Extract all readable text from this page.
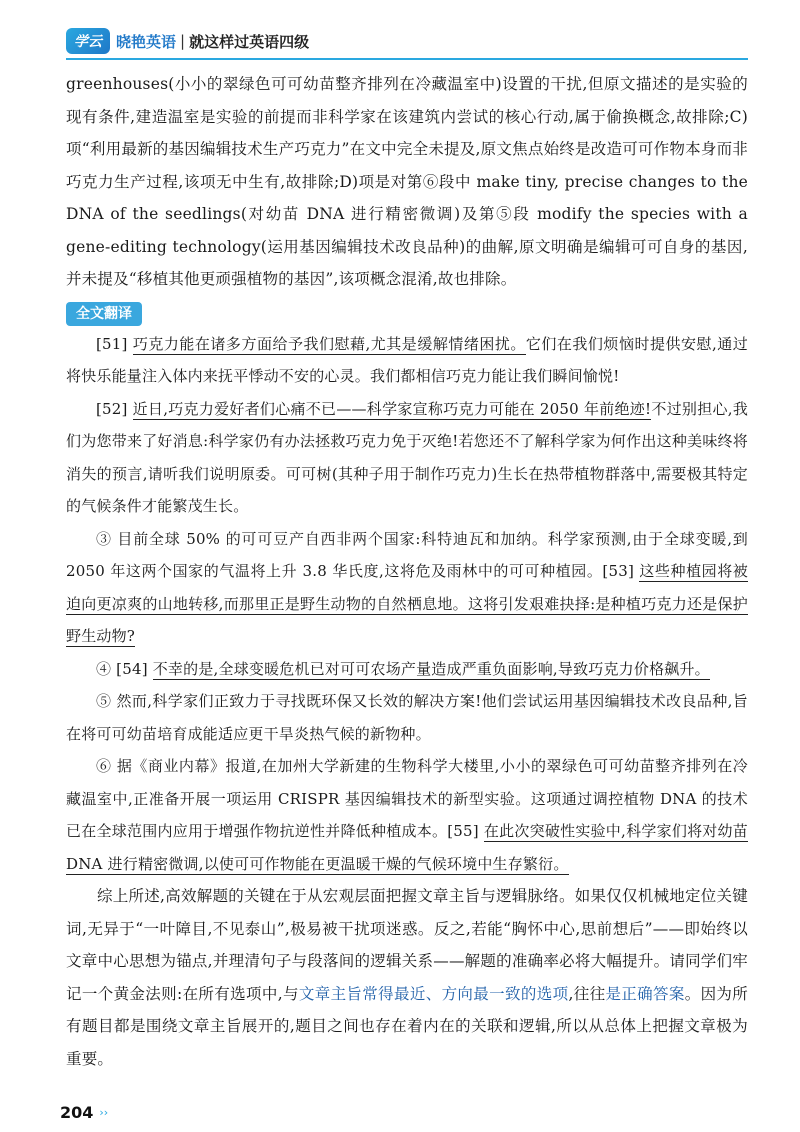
学云 晓艳英语 | 就这样过英语四级

greenhouses(小小的翠绿色可可幼苗整齐排列在冷藏温室中)设置的干扰,但原文描述的是实验的现有条件,建造温室是实验的前提而非科学家在该建筑内尝试的核心行动,属于偷换概念,故排除;C)项“利用最新的基因编辑技术生产巧克力”在文中完全未提及,原文焦点始终是改造可可作物本身而非巧克力生产过程,该项无中生有,故排除;D)项是对第⑥段中 make tiny, precise changes to the DNA of the seedlings(对幼苗 DNA 进行精密微调)及第⑤段 modify the species with a gene-editing technology(运用基因编辑技术改良品种)的曲解,原文明确是编辑可可自身的基因,并未提及“移植其他更顽强植物的基因”,该项概念混淆,故也排除。

全文翻译

[51] 巧克力能在诸多方面给予我们慰藉,尤其是缓解情绪困扰。它们在我们烦恼时提供安慰,通过将快乐能量注入体内来抚平悸动不安的心灵。我们都相信巧克力能让我们瞬间愉悦!

[52] 近日,巧克力爱好者们心痛不已——科学家宣称巧克力可能在 2050 年前绝迹!不过别担心,我们为您带来了好消息:科学家仍有办法拯救巧克力免于灭绝!若您还不了解科学家为何作出这种美味终将消失的预言,请听我们说明原委。可可树(其种子用于制作巧克力)生长在热带植物群落中,需要极其特定的气候条件才能繁茂生长。

③ 目前全球 50% 的可可豆产自西非两个国家:科特迪瓦和加纳。科学家预测,由于全球变暖,到 2050 年这两个国家的气温将上升 3.8 华氏度,这将危及雨林中的可可种植园。[53] 这些种植园将被迫向更凉爽的山地转移,而那里正是野生动物的自然栖息地。这将引发艰难抉择:是种植巧克力还是保护野生动物?

④ [54] 不幸的是,全球变暖危机已对可可农场产量造成严重负面影响,导致巧克力价格飙升。

⑤ 然而,科学家们正致力于寻找既环保又长效的解决方案!他们尝试运用基因编辑技术改良品种,旨在将可可幼苗培育成能适应更干旱炎热气候的新物种。

⑥ 据《商业内幕》报道,在加州大学新建的生物科学大楼里,小小的翠绿色可可幼苗整齐排列在冷藏温室中,正准备开展一项运用 CRISPR 基因编辑技术的新型实验。这项通过调控植物 DNA 的技术已在全球范围内应用于增强作物抗逆性并降低种植成本。[55] 在此次突破性实验中,科学家们将对幼苗 DNA 进行精密微调,以使可可作物能在更温暖干燥的气候环境中生存繁衍。

综上所述,高效解题的关键在于从宏观层面把握文章主旨与逻辑脉络。如果仅仅机械地定位关键词,无异于“一叶障目,不见泰山”,极易被干扰项迷惑。反之,若能“胸怀中心,思前想后”——即始终以文章中心思想为锚点,并理清句子与段落间的逻辑关系——解题的准确率必将大幅提升。请同学们牢记一个黄金法则:在所有选项中,与文章主旨常得最近、方向最一致的选项,往往是正确答案。因为所有题目都是围绕文章主旨展开的,题目之间也存在着内在的关联和逻辑,所以从总体上把握文章极为重要。

204 ››
